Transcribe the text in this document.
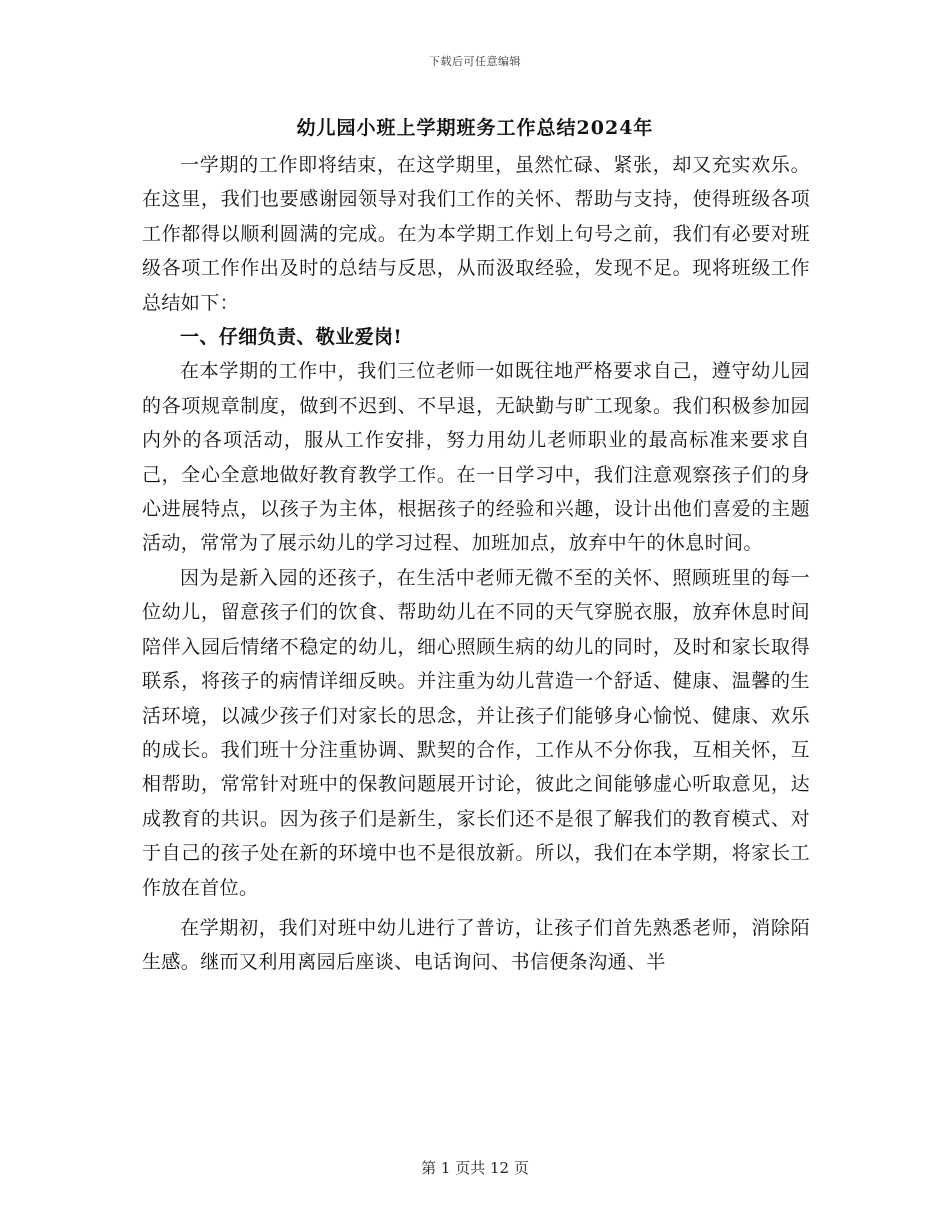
下载后可任意编辑
幼儿园小班上学期班务工作总结2024年

一学期的工作即将结束，在这学期里，虽然忙碌、紧张，却又充实欢乐。在这里，我们也要感谢园领导对我们工作的关怀、帮助与支持，使得班级各项工作都得以顺利圆满的完成。在为本学期工作划上句号之前，我们有必要对班级各项工作作出及时的总结与反思，从而汲取经验，发现不足。现将班级工作总结如下：

一、仔细负责、敬业爱岗!

在本学期的工作中，我们三位老师一如既往地严格要求自己，遵守幼儿园的各项规章制度，做到不迟到、不早退，无缺勤与旷工现象。我们积极参加园内外的各项活动，服从工作安排，努力用幼儿老师职业的最高标准来要求自己，全心全意地做好教育教学工作。在一日学习中，我们注意观察孩子们的身心进展特点，以孩子为主体，根据孩子的经验和兴趣，设计出他们喜爱的主题活动，常常为了展示幼儿的学习过程、加班加点，放弃中午的休息时间。

因为是新入园的还孩子，在生活中老师无微不至的关怀、照顾班里的每一位幼儿，留意孩子们的饮食、帮助幼儿在不同的天气穿脱衣服，放弃休息时间陪伴入园后情绪不稳定的幼儿，细心照顾生病的幼儿的同时，及时和家长取得联系，将孩子的病情详细反映。并注重为幼儿营造一个舒适、健康、温馨的生活环境，以减少孩子们对家长的思念，并让孩子们能够身心愉悦、健康、欢乐的成长。我们班十分注重协调、默契的合作，工作从不分你我，互相关怀，互相帮助，常常针对班中的保教问题展开讨论，彼此之间能够虚心听取意见，达成教育的共识。因为孩子们是新生，家长们还不是很了解我们的教育模式、对于自己的孩子处在新的环境中也不是很放新。所以，我们在本学期，将家长工作放在首位。

在学期初，我们对班中幼儿进行了普访，让孩子们首先熟悉老师，消除陌生感。继而又利用离园后座谈、电话询问、书信便条沟通、半

第 1 页共 12 页
